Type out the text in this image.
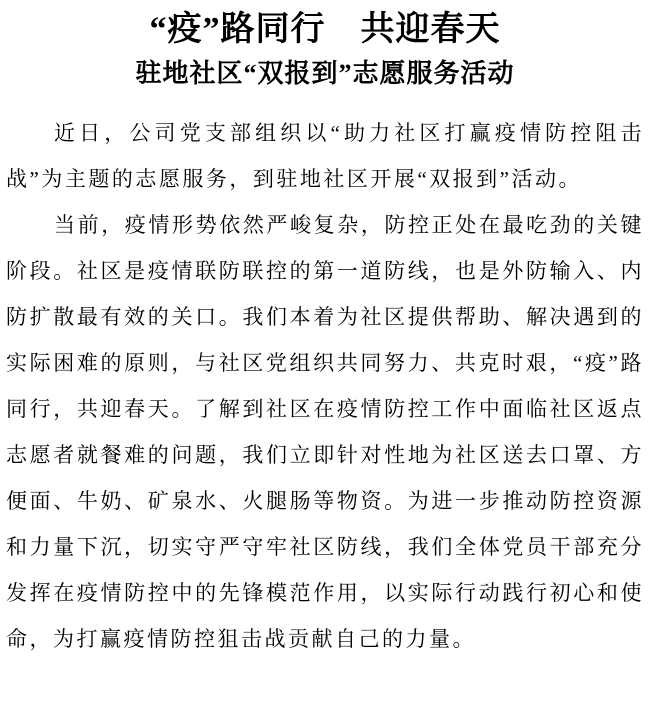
“疫”路同行　共迎春天
驻地社区“双报到”志愿服务活动

近日，公司党支部组织以“助力社区打赢疫情防控阻击战”为主题的志愿服务，到驻地社区开展“双报到”活动。

当前，疫情形势依然严峻复杂，防控正处在最吃劲的关键阶段。社区是疫情联防联控的第一道防线，也是外防输入、内防扩散最有效的关口。我们本着为社区提供帮助、解决遇到的实际困难的原则，与社区党组织共同努力、共克时艰，“疫”路同行，共迎春天。了解到社区在疫情防控工作中面临社区返点志愿者就餐难的问题，我们立即针对性地为社区送去口罩、方便面、牛奶、矿泉水、火腿肠等物资。为进一步推动防控资源和力量下沉，切实守严守牢社区防线，我们全体党员干部充分发挥在疫情防控中的先锋模范作用，以实际行动践行初心和使命，为打赢疫情防控狙击战贡献自己的力量。
